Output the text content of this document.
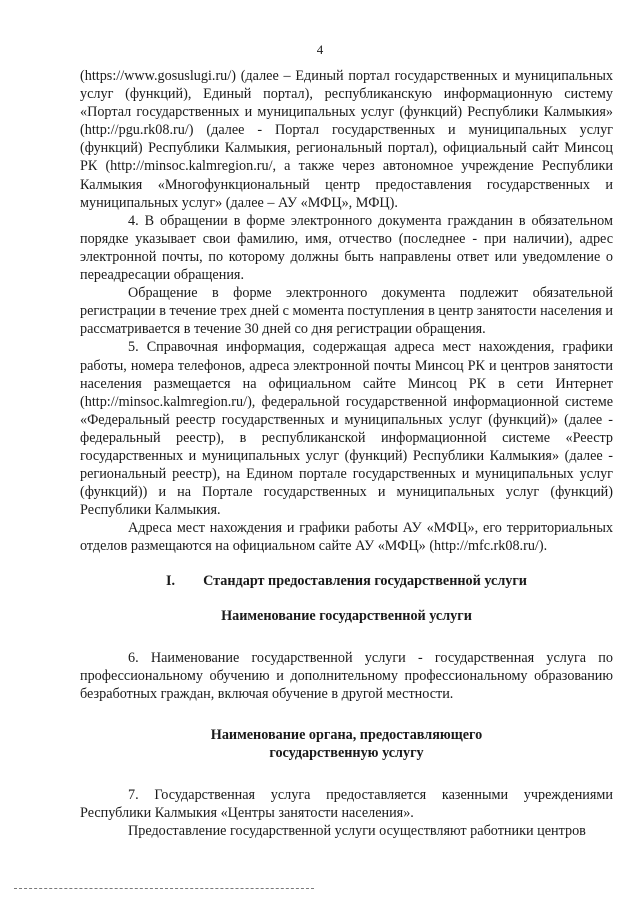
4

(https://www.gosuslugi.ru/) (далее – Единый портал государственных и муниципальных услуг (функций), Единый портал), республиканскую информационную систему «Портал государственных и муниципальных услуг (функций) Республики Калмыкия» (http://pgu.rk08.ru/) (далее - Портал государственных и муниципальных услуг (функций) Республики Калмыкия, региональный портал), официальный сайт Минсоц РК (http://minsoc.kalmregion.ru/, а также через автономное учреждение Республики Калмыкия «Многофункциональный центр предоставления государственных и муниципальных услуг» (далее – АУ «МФЦ», МФЦ).

4. В обращении в форме электронного документа гражданин в обязательном порядке указывает свои фамилию, имя, отчество (последнее - при наличии), адрес электронной почты, по которому должны быть направлены ответ или уведомление о переадресации обращения.

Обращение в форме электронного документа подлежит обязательной регистрации в течение трех дней с момента поступления в центр занятости населения и рассматривается в течение 30 дней со дня регистрации обращения.

5. Справочная информация, содержащая адреса мест нахождения, графики работы, номера телефонов, адреса электронной почты Минсоц РК и центров занятости населения размещается на официальном сайте Минсоц РК в сети Интернет (http://minsoc.kalmregion.ru/), федеральной государственной информационной системе «Федеральный реестр государственных и муниципальных услуг (функций)» (далее - федеральный реестр), в республиканской информационной системе «Реестр государственных и муниципальных услуг (функций) Республики Калмыкия» (далее - региональный реестр), на Едином портале государственных и муниципальных услуг (функций)) и на Портале государственных и муниципальных услуг (функций) Республики Калмыкия.

Адреса мест нахождения и графики работы АУ «МФЦ», его территориальных отделов размещаются на официальном сайте АУ «МФЦ» (http://mfc.rk08.ru/).

I. Стандарт предоставления государственной услуги
Наименование государственной услуги

6. Наименование государственной услуги - государственная услуга по профессиональному обучению и дополнительному профессиональному образованию безработных граждан, включая обучение в другой местности.

Наименование органа, предоставляющего
государственную услугу

7. Государственная услуга предоставляется казенными учреждениями Республики Калмыкия «Центры занятости населения».

Предоставление государственной услуги осуществляют работники центров
